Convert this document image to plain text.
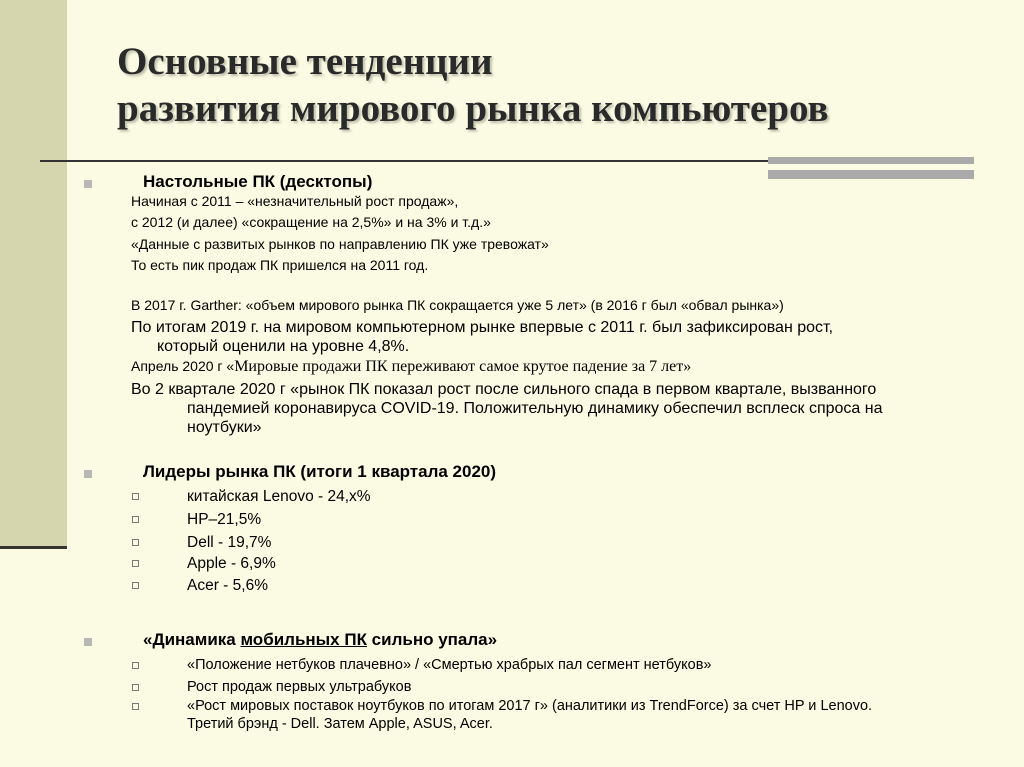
Основные тенденции
развития мирового рынка компьютеров
Настольные ПК (десктопы)
Начиная с 2011 – «незначительный рост продаж»,
с 2012 (и далее) «сокращение на 2,5%» и на 3% и т.д.»
«Данные с развитых рынков по направлению ПК уже тревожат»
То есть пик продаж ПК пришелся на 2011 год.
В 2017 г. Garther: «объем мирового рынка ПК сокращается уже 5 лет» (в 2016 г был «обвал рынка»)
По итогам 2019 г. на мировом компьютерном рынке впервые с 2011 г. был зафиксирован рост,
который оценили на уровне 4,8%.
Апрель 2020 г «Мировые продажи ПК переживают самое крутое падение за 7 лет»
Во 2 квартале 2020 г «рынок ПК показал рост после сильного спада в первом квартале, вызванного
пандемией коронавируса COVID-19. Положительную динамику обеспечил всплеск спроса на
ноутбуки»
Лидеры рынка ПК (итоги 1 квартала 2020)
китайская Lenovo - 24,х%
HP–21,5%
Dell - 19,7%
Apple - 6,9%
Acer - 5,6%
«Динамика мобильных ПК сильно упала»
«Положение нетбуков плачевно» / «Смертью храбрых пал сегмент нетбуков»
Рост продаж первых ультрабуков
«Рост мировых поставок ноутбуков по итогам 2017 г» (аналитики из TrendForce) за счет HP и Lenovo.
Третий брэнд - Dell. Затем Apple, ASUS, Acer.
